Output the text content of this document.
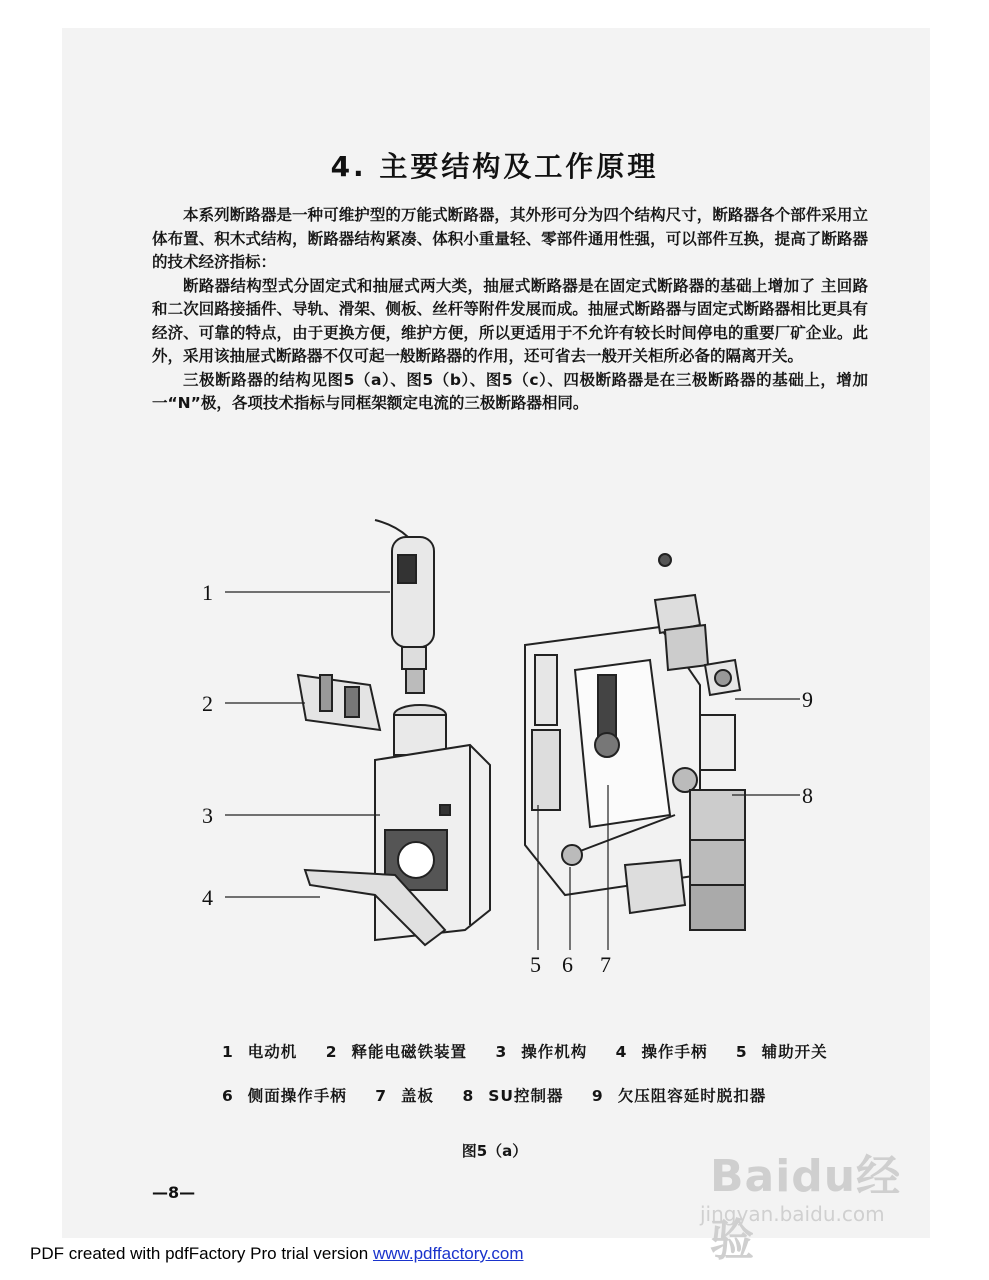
4. 主要结构及工作原理

本系列断路器是一种可维护型的万能式断路器，其外形可分为四个结构尺寸，断路器各个部件采用立体布置、积木式结构，断路器结构紧凑、体积小重量轻、零部件通用性强，可以部件互换，提高了断路器的技术经济指标：

断路器结构型式分固定式和抽屉式两大类，抽屉式断路器是在固定式断路器的基础上增加了 主回路和二次回路接插件、导轨、滑架、侧板、丝杆等附件发展而成。抽屉式断路器与固定式断路器相比更具有经济、可靠的特点，由于更换方便，维护方便，所以更适用于不允许有较长时间停电的重要厂矿企业。此外，采用该抽屉式断路器不仅可起一般断路器的作用，还可省去一般开关柜所必备的隔离开关。

三极断路器的结构见图5（a）、图5（b）、图5（c）、四极断路器是在三极断路器的基础上，增加一“N”极，各项技术指标与同框架额定电流的三极断路器相同。

1
2
3
4
5 6 7
8
9
1 电动机 2 释能电磁铁装置 3 操作机构 4 操作手柄 5 辅助开关
6 侧面操作手柄 7 盖板 8 SU控制器 9 欠压阻容延时脱扣器
图5（a）
—8—	Baidu经验
jingyan.baidu.com
PDF created with pdfFactory Pro trial version www.pdffactory.com
